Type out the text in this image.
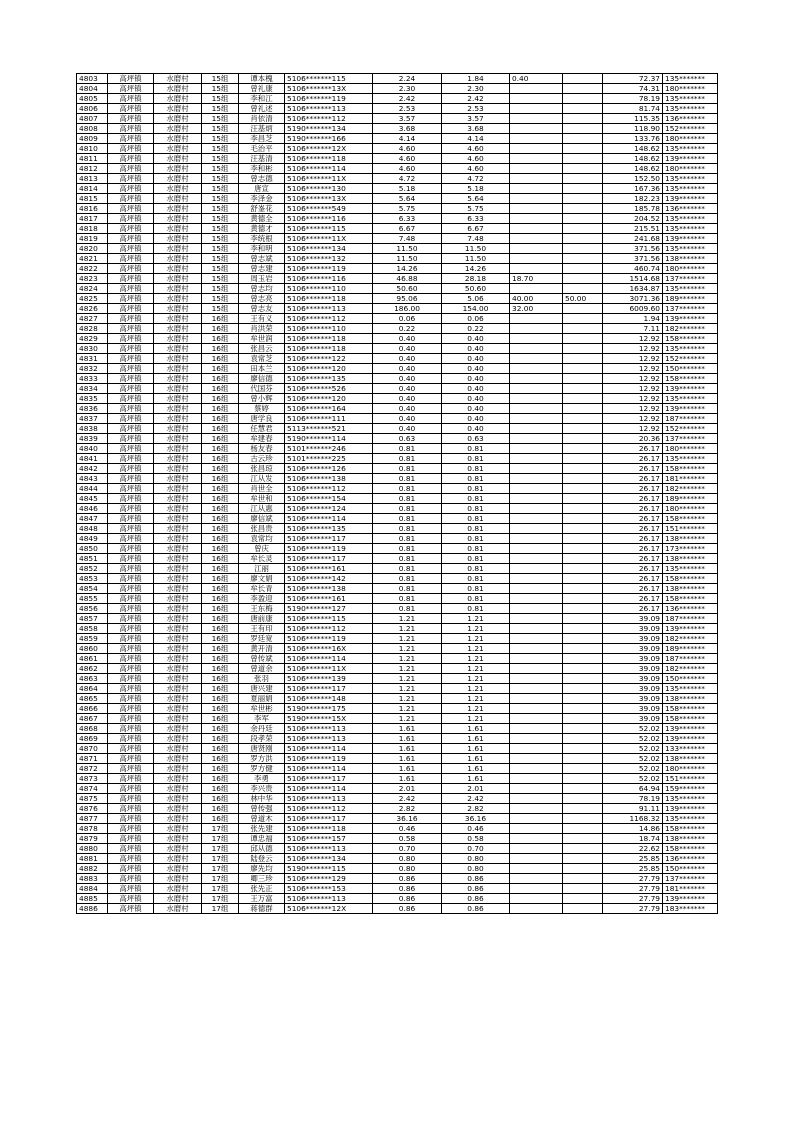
4803	高坪镇	水磨村	15组	谭本槐	5106*******115	2.24	1.84	0.40		72.37	135*******
4804	高坪镇	水磨村	15组	曾礼康	5106*******13X	2.30	2.30			74.31	180*******
4805	高坪镇	水磨村	15组	李和江	5106*******119	2.42	2.42			78.19	135*******
4806	高坪镇	水磨村	15组	曾礼述	5106*******113	2.53	2.53			81.74	135*******
4807	高坪镇	水磨村	15组	肖依清	5106*******112	3.57	3.57			115.35	136*******
4808	高坪镇	水磨村	15组	汪基炳	5190*******134	3.68	3.68			118.90	152*******
4809	高坪镇	水磨村	15组	李昌芝	5190*******166	4.14	4.14			133.76	180*******
4810	高坪镇	水磨村	15组	毛治平	5106*******12X	4.60	4.60			148.62	135*******
4811	高坪镇	水磨村	15组	汪基清	5106*******118	4.60	4.60			148.62	139*******
4812	高坪镇	水磨村	15组	李和彬	5106*******114	4.60	4.60			148.62	180*******
4813	高坪镇	水磨村	15组	曾志德	5106*******11X	4.72	4.72			152.50	135*******
4814	高坪镇	水磨村	15组	唐宣	5106*******130	5.18	5.18			167.36	135*******
4815	高坪镇	水磨村	15组	李泽金	5106*******13X	5.64	5.64			182.23	139*******
4816	高坪镇	水磨村	15组	舒崟花	5106*******549	5.75	5.75			185.78	136*******
4817	高坪镇	水磨村	15组	黄德全	5106*******116	6.33	6.33			204.52	135*******
4818	高坪镇	水磨村	15组	黄德才	5106*******115	6.67	6.67			215.51	135*******
4819	高坪镇	水磨村	15组	李统根	5106*******11X	7.48	7.48			241.68	139*******
4820	高坪镇	水磨村	15组	李和明	5106*******134	11.50	11.50			371.56	135*******
4821	高坪镇	水磨村	15组	曾志斌	5106*******132	11.50	11.50			371.56	138*******
4822	高坪镇	水磨村	15组	曾志建	5106*******119	14.26	14.26			460.74	180*******
4823	高坪镇	水磨村	15组	周玉岩	5106*******116	46.88	28.18	18.70		1514.68	137*******
4824	高坪镇	水磨村	15组	曾志均	5106*******110	50.60	50.60			1634.87	135*******
4825	高坪镇	水磨村	15组	曾志亮	5106*******118	95.06	5.06	40.00	50.00	3071.36	189*******
4826	高坪镇	水磨村	15组	曾志友	5106*******113	186.00	154.00	32.00		6009.60	137*******
4827	高坪镇	水磨村	16组	王有义	5106*******112	0.06	0.06			1.94	139*******
4828	高坪镇	水磨村	16组	肖洪荣	5106*******110	0.22	0.22			7.11	182*******
4829	高坪镇	水磨村	16组	牟世润	5106*******118	0.40	0.40			12.92	158*******
4830	高坪镇	水磨村	16组	张昌云	5106*******118	0.40	0.40			12.92	135*******
4831	高坪镇	水磨村	16组	袁常芝	5106*******122	0.40	0.40			12.92	152*******
4832	高坪镇	水磨村	16组	田本兰	5106*******120	0.40	0.40			12.92	150*******
4833	高坪镇	水磨村	16组	廖信德	5106*******135	0.40	0.40			12.92	158*******
4834	高坪镇	水磨村	16组	代国芬	5106*******526	0.40	0.40			12.92	139*******
4835	高坪镇	水磨村	16组	曾小辉	5106*******120	0.40	0.40			12.92	135*******
4836	高坪镇	水磨村	16组	蔡婷	5106*******164	0.40	0.40			12.92	139*******
4837	高坪镇	水磨村	16组	唐学良	5106*******111	0.40	0.40			12.92	187*******
4838	高坪镇	水磨村	16组	任慧君	5113*******521	0.40	0.40			12.92	152*******
4839	高坪镇	水磨村	16组	牟建春	5190*******114	0.63	0.63			20.36	137*******
4840	高坪镇	水磨村	16组	杨友春	5101*******246	0.81	0.81			26.17	180*******
4841	高坪镇	水磨村	16组	古云珍	5101*******225	0.81	0.81			26.17	135*******
4842	高坪镇	水磨村	16组	张昌琼	5106*******126	0.81	0.81			26.17	158*******
4843	高坪镇	水磨村	16组	江从发	5106*******138	0.81	0.81			26.17	181*******
4844	高坪镇	水磨村	16组	肖世全	5106*******112	0.81	0.81			26.17	182*******
4845	高坪镇	水磨村	16组	牟世和	5106*******154	0.81	0.81			26.17	189*******
4846	高坪镇	水磨村	16组	江从惠	5106*******124	0.81	0.81			26.17	180*******
4847	高坪镇	水磨村	16组	廖信斌	5106*******114	0.81	0.81			26.17	158*******
4848	高坪镇	水磨村	16组	张昌贵	5106*******135	0.81	0.81			26.17	151*******
4849	高坪镇	水磨村	16组	袁常均	5106*******117	0.81	0.81			26.17	138*******
4850	高坪镇	水磨村	16组	曾庆	5106*******119	0.81	0.81			26.17	173*******
4851	高坪镇	水磨村	16组	牟长灵	5106*******117	0.81	0.81			26.17	138*******
4852	高坪镇	水磨村	16组	江丽	5106*******161	0.81	0.81			26.17	135*******
4853	高坪镇	水磨村	16组	廖文娟	5106*******142	0.81	0.81			26.17	158*******
4854	高坪镇	水磨村	16组	牟长青	5106*******138	0.81	0.81			26.17	138*******
4855	高坪镇	水磨村	16组	李盈迎	5106*******161	0.81	0.81			26.17	158*******
4856	高坪镇	水磨村	16组	王东梅	5190*******127	0.81	0.81			26.17	136*******
4857	高坪镇	水磨村	16组	唐前康	5106*******115	1.21	1.21			39.09	187*******
4858	高坪镇	水磨村	16组	王有印	5106*******112	1.21	1.21			39.09	139*******
4859	高坪镇	水磨村	16组	罗廷宽	5106*******119	1.21	1.21			39.09	182*******
4860	高坪镇	水磨村	16组	黄开清	5106*******16X	1.21	1.21			39.09	189*******
4861	高坪镇	水磨村	16组	曾传斌	5106*******114	1.21	1.21			39.09	187*******
4862	高坪镇	水磨村	16组	曾道余	5106*******11X	1.21	1.21			39.09	182*******
4863	高坪镇	水磨村	16组	张羽	5106*******139	1.21	1.21			39.09	150*******
4864	高坪镇	水磨村	16组	唐兴建	5106*******117	1.21	1.21			39.09	135*******
4865	高坪镇	水磨村	16组	夏丽娟	5106*******148	1.21	1.21			39.09	138*******
4866	高坪镇	水磨村	16组	牟世彬	5190*******175	1.21	1.21			39.09	158*******
4867	高坪镇	水磨村	16组	李军	5190*******15X	1.21	1.21			39.09	158*******
4868	高坪镇	水磨村	16组	余丹廷	5106*******113	1.61	1.61			52.02	139*******
4869	高坪镇	水磨村	16组	段孝荣	5106*******113	1.61	1.61			52.02	139*******
4870	高坪镇	水磨村	16组	唐贤刚	5106*******114	1.61	1.61			52.02	133*******
4871	高坪镇	水磨村	16组	罗方洪	5106*******119	1.61	1.61			52.02	138*******
4872	高坪镇	水磨村	16组	罗方健	5106*******114	1.61	1.61			52.02	180*******
4873	高坪镇	水磨村	16组	李勇	5106*******117	1.61	1.61			52.02	151*******
4874	高坪镇	水磨村	16组	李兴贵	5106*******114	2.01	2.01			64.94	159*******
4875	高坪镇	水磨村	16组	林中华	5106*******113	2.42	2.42			78.19	135*******
4876	高坪镇	水磨村	16组	曾传强	5106*******112	2.82	2.82			91.11	139*******
4877	高坪镇	水磨村	16组	曾道木	5106*******117	36.16	36.16			1168.32	135*******
4878	高坪镇	水磨村	17组	张先建	5106*******118	0.46	0.46			14.86	158*******
4879	高坪镇	水磨村	17组	谭忠福	5106*******157	0.58	0.58			18.74	138*******
4880	高坪镇	水磨村	17组	邱从德	5106*******113	0.70	0.70			22.62	158*******
4881	高坪镇	水磨村	17组	陆登云	5106*******134	0.80	0.80			25.85	136*******
4882	高坪镇	水磨村	17组	廖先均	5190*******115	0.80	0.80			25.85	150*******
4883	高坪镇	水磨村	17组	卿三珍	5106*******129	0.86	0.86			27.79	137*******
4884	高坪镇	水磨村	17组	张先正	5106*******153	0.86	0.86			27.79	181*******
4885	高坪镇	水磨村	17组	王万富	5106*******113	0.86	0.86			27.79	139*******
4886	高坪镇	水磨村	17组	蒋德群	5106*******12X	0.86	0.86			27.79	183*******
